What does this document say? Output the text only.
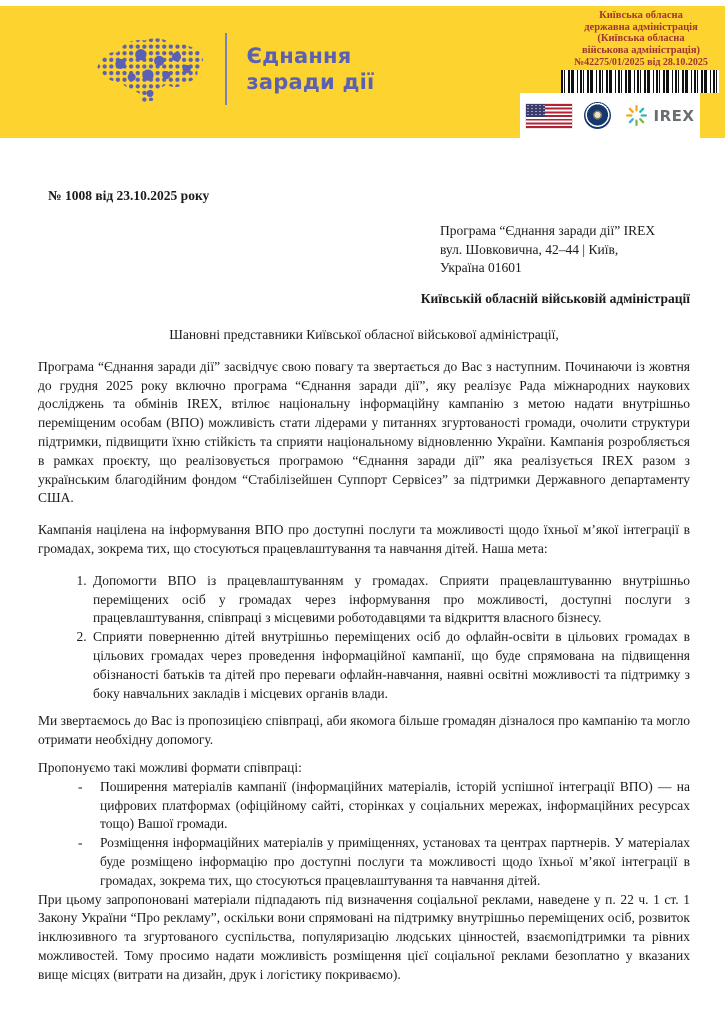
Єднання
заради дії
Київська обласна
державна адміністрація
(Київська обласна
військова адміністрація)
№42275/01/2025 від 28.10.2025
IREX

№ 1008 від 23.10.2025 року

Програма “Єднання заради дії” IREX
вул. Шовковична, 42–44 | Київ,
Україна 01601

Київській обласній військовій адміністрації

Шановні представники Київської обласної військової адміністрації,

Програма “Єднання заради дії” засвідчує свою повагу та звертається до Вас з наступним. Починаючи із жовтня до грудня 2025 року включно програма “Єднання заради дії”, яку реалізує Рада міжнародних наукових досліджень та обмінів IREX, втілює національну інформаційну кампанію з метою надати внутрішньо переміщеним особам (ВПО) можливість стати лідерами у питаннях згуртованості громади, очолити структури підтримки, підвищити їхню стійкість та сприяти національному відновленню України. Кампанія розробляється в рамках проєкту, що реалізовується програмою “Єднання заради дії” яка реалізується IREX разом з українським благодійним фондом “Стабілізейшен Суппорт Сервісез” за підтримки Державного департаменту США.

Кампанія націлена на інформування ВПО про доступні послуги та можливості щодо їхньої м’якої інтеграції в громадах, зокрема тих, що стосуються працевлаштування та навчання дітей. Наша мета:

1. Допомогти ВПО із працевлаштуванням у громадах. Сприяти працевлаштуванню внутрішньо переміщених осіб у громадах через інформування про можливості, доступні послуги з працевлаштування, співпраці з місцевими роботодавцями та відкриття власного бізнесу.
2. Сприяти поверненню дітей внутрішньо переміщених осіб до офлайн-освіти в цільових громадах в цільових громадах через проведення інформаційної кампанії, що буде спрямована на підвищення обізнаності батьків та дітей про переваги офлайн-навчання, наявні освітні можливості та підтримку з боку навчальних закладів і місцевих органів влади.

Ми звертаємось до Вас із пропозицією співпраці, аби якомога більше громадян дізналося про кампанію та могло отримати необхідну допомогу.

Пропонуємо такі можливі формати співпраці:

- Поширення матеріалів кампанії (інформаційних матеріалів, історій успішної інтеграції ВПО) — на цифрових платформах (офіційному сайті, сторінках у соціальних мережах, інформаційних ресурсах тощо) Вашої громади.
- Розміщення інформаційних матеріалів у приміщеннях, установах та центрах партнерів. У матеріалах буде розміщено інформацію про доступні послуги та можливості щодо їхньої м’якої інтеграції в громадах, зокрема тих, що стосуються працевлаштування та навчання дітей.

При цьому запропоновані матеріали підпадають під визначення соціальної реклами, наведене у п. 22 ч. 1 ст. 1 Закону України “Про рекламу”, оскільки вони спрямовані на підтримку внутрішньо переміщених осіб, розвиток інклюзивного та згуртованого суспільства, популяризацію людських цінностей, взаємопідтримки та рівних можливостей. Тому просимо надати можливість розміщення цієї соціальної реклами безоплатно у вказаних вище місцях (витрати на дизайн, друк і логістику покриваємо).
